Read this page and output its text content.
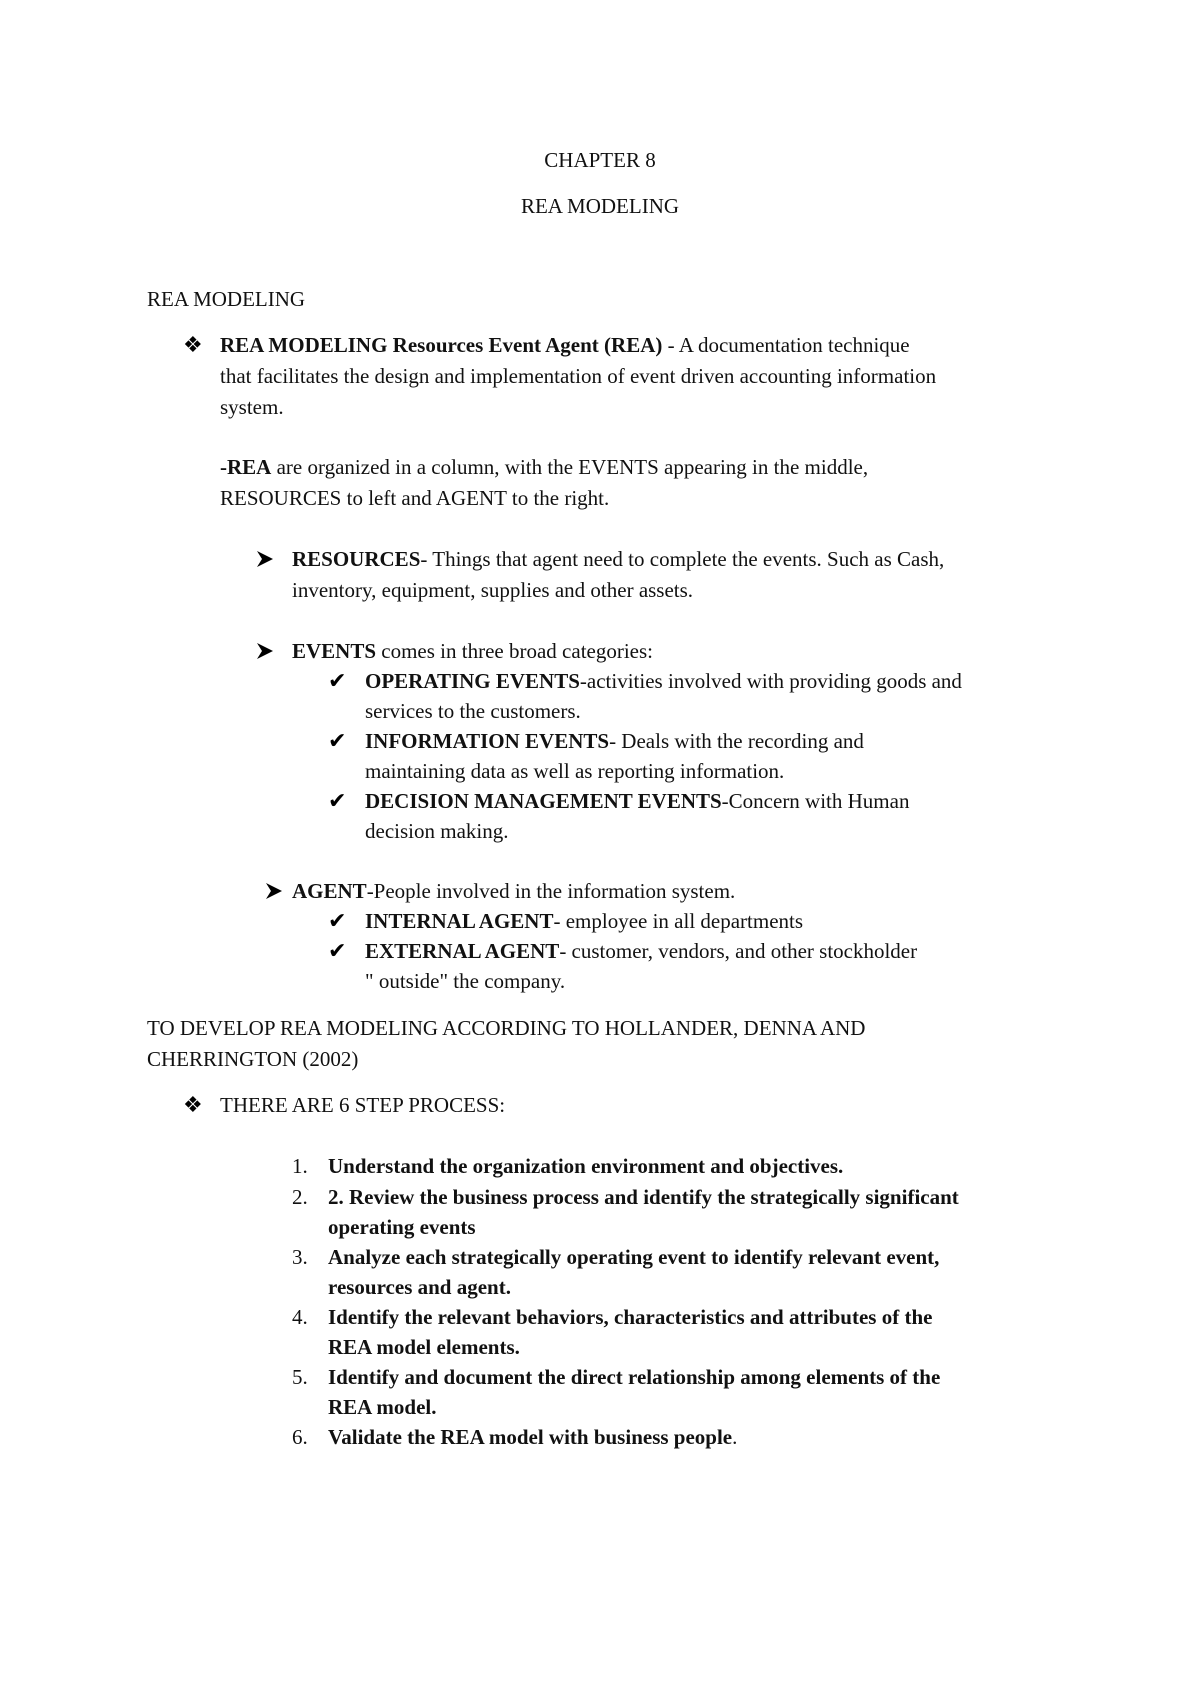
CHAPTER 8
REA MODELING
REA MODELING
❖ REA MODELING Resources Event Agent (REA) - A documentation technique
that facilitates the design and implementation of event driven accounting information
system.
-REA are organized in a column, with the EVENTS appearing in the middle,
RESOURCES to left and AGENT to the right.
RESOURCES- Things that agent need to complete the events. Such as Cash,
inventory, equipment, supplies and other assets.
EVENTS comes in three broad categories:
✔ OPERATING EVENTS-activities involved with providing goods and
services to the customers.
✔ INFORMATION EVENTS- Deals with the recording and
maintaining data as well as reporting information.
✔ DECISION MANAGEMENT EVENTS-Concern with Human
decision making.
AGENT-People involved in the information system.
✔ INTERNAL AGENT- employee in all departments
✔ EXTERNAL AGENT- customer, vendors, and other stockholder
" outside" the company.
TO DEVELOP REA MODELING ACCORDING TO HOLLANDER, DENNA AND
CHERRINGTON (2002)
❖ THERE ARE 6 STEP PROCESS:
1. Understand the organization environment and objectives.
2. 2. Review the business process and identify the strategically significant
operating events
3. Analyze each strategically operating event to identify relevant event,
resources and agent.
4. Identify the relevant behaviors, characteristics and attributes of the
REA model elements.
5. Identify and document the direct relationship among elements of the
REA model.
6. Validate the REA model with business people.
